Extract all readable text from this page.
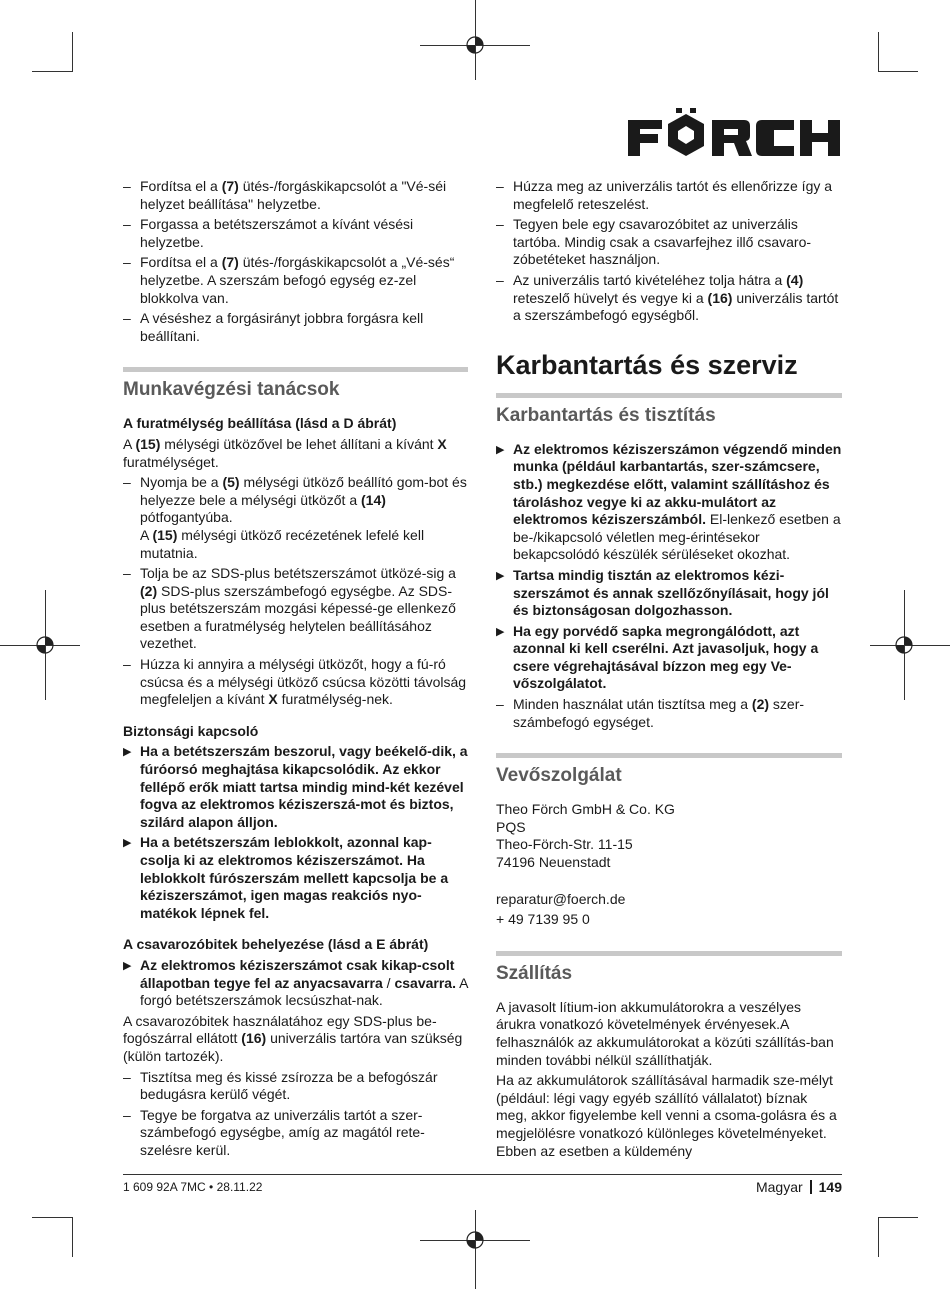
– Fordítsa el a (7) ütés-/forgáskikapcsolót a "Vé-séi helyzet beállítása" helyzetbe.
– Forgassa a betétszerszámot a kívánt vésési helyzetbe.
– Fordítsa el a (7) ütés-/forgáskikapcsolót a „Vé-sés“ helyzetbe. A szerszám befogó egység ez-zel blokkolva van.
– A véséshez a forgásirányt jobbra forgásra kell beállítani.
Munkavégzési tanácsok
A furatmélység beállítása (lásd a D ábrát)
A (15) mélységi ütközővel be lehet állítani a kívánt X furatmélységet.
– Nyomja be a (5) mélységi ütköző beállító gom-bot és helyezze bele a mélységi ütközőt a (14) pótfogantyúba.
A (15) mélységi ütköző recézetének lefelé kell mutatnia.
– Tolja be az SDS-plus betétszerszámot ütközé-sig a (2) SDS-plus szerszámbefogó egységbe. Az SDS-plus betétszerszám mozgási képessé-ge ellenkező esetben a furatmélység helytelen beállításához vezethet.
– Húzza ki annyira a mélységi ütközőt, hogy a fú-ró csúcsa és a mélységi ütköző csúcsa közötti távolság megfeleljen a kívánt X furatmélység-nek.
Biztonsági kapcsoló
▶ Ha a betétszerszám beszorul, vagy beékelő-dik, a fúróorsó meghajtása kikapcsolódik. Az ekkor fellépő erők miatt tartsa mindig mind-két kezével fogva az elektromos kéziszerszá-mot és biztos, szilárd alapon álljon.
▶ Ha a betétszerszám leblokkolt, azonnal kap-csolja ki az elektromos kéziszerszámot. Ha leblokkolt fúrószerszám mellett kapcsolja be a kéziszerszámot, igen magas reakciós nyo-matékok lépnek fel.
A csavarozóbitek behelyezése (lásd a E ábrát)
▶ Az elektromos kéziszerszámot csak kikap-csolt állapotban tegye fel az anyacsavarra / csavarra. A forgó betétszerszámok lecsúszhat-nak.
A csavarozóbitek használatához egy SDS-plus be-fogószárral ellátott (16) univerzális tartóra van szükség (külön tartozék).
– Tisztítsa meg és kissé zsírozza be a befogószár bedugásra kerülő végét.
– Tegye be forgatva az univerzális tartót a szer-számbefogó egységbe, amíg az magától rete-szelésre kerül.
– Húzza meg az univerzális tartót és ellenőrizze így a megfelelő reteszelést.
– Tegyen bele egy csavarozóbitet az univerzális tartóba. Mindig csak a csavarfejhez illő csavaro-zóbetéteket használjon.
– Az univerzális tartó kivételéhez tolja hátra a (4) reteszelő hüvelyt és vegye ki a (16) univerzális tartót a szerszámbefogó egységből.
Karbantartás és szerviz
Karbantartás és tisztítás
▶ Az elektromos kéziszerszámon végzendő minden munka (például karbantartás, szer-számcsere, stb.) megkezdése előtt, valamint szállításhoz és tároláshoz vegye ki az akku-mulátort az elektromos kéziszerszámból. El-lenkező esetben a be-/kikapcsoló véletlen meg-érintésekor bekapcsolódó készülék sérüléseket okozhat.
▶ Tartsa mindig tisztán az elektromos kézi-szerszámot és annak szellőzőnyílásait, hogy jól és biztonságosan dolgozhasson.
▶ Ha egy porvédő sapka megrongálódott, azt azonnal ki kell cserélni. Azt javasoljuk, hogy a csere végrehajtásával bízzon meg egy Ve-vőszolgálatot.
– Minden használat után tisztítsa meg a (2) szer-számbefogó egységet.
Vevőszolgálat
Theo Förch GmbH & Co. KG
PQS
Theo-Förch-Str. 11-15
74196 Neuenstadt
reparatur@foerch.de
+ 49 7139 95 0
Szállítás
A javasolt lítium-ion akkumulátorokra a veszélyes árukra vonatkozó követelmények érvényesek.A felhasználók az akkumulátorokat a közúti szállítás-ban minden további nélkül szállíthatják.
Ha az akkumulátorok szállításával harmadik sze-mélyt (például: légi vagy egyéb szállító vállalatot) bíznak meg, akkor figyelembe kell venni a csoma-golásra és a megjelölésre vonatkozó különleges követelményeket. Ebben az esetben a küldemény
1 609 92A 7MC • 28.11.22	Magyar 149
